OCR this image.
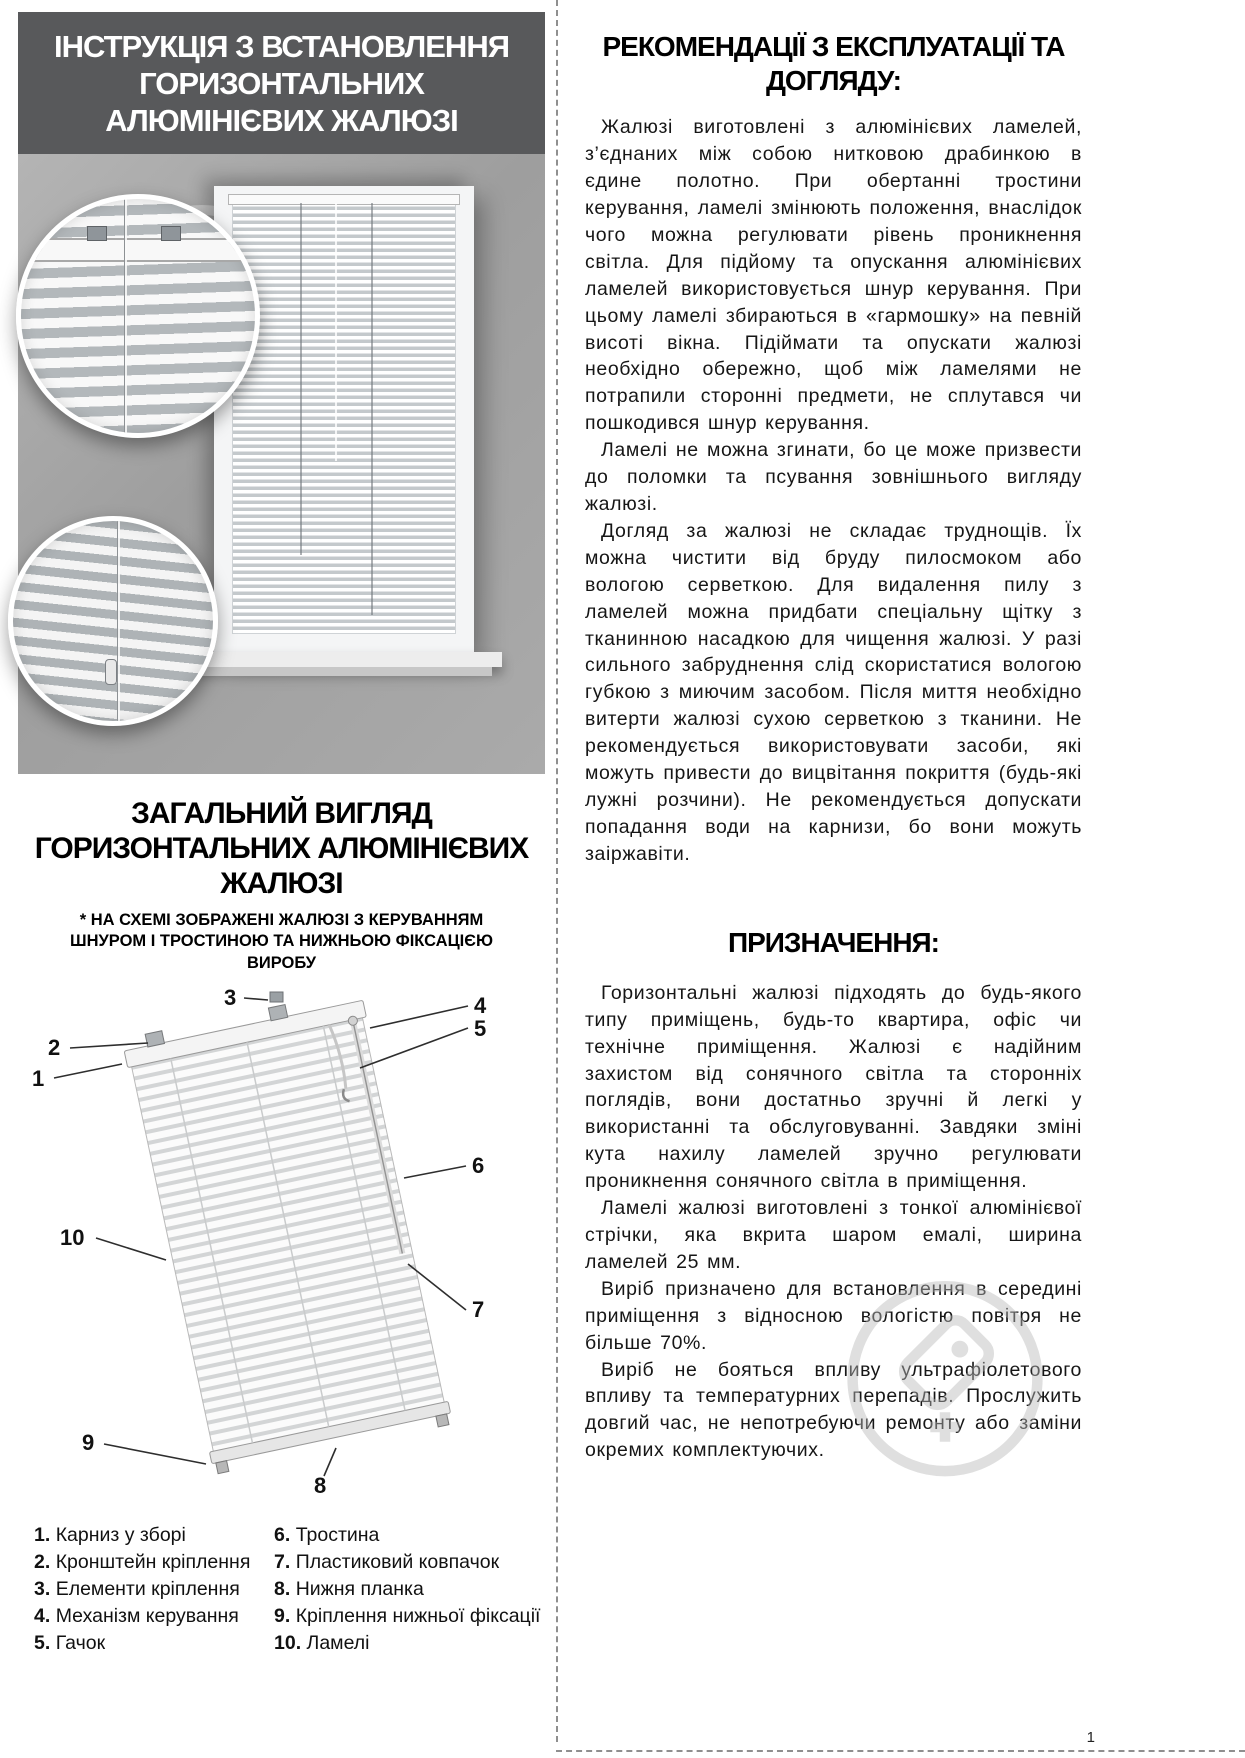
1
ІНСТРУКЦІЯ З ВСТАНОВЛЕННЯ ГОРИЗОНТАЛЬНИХ АЛЮМІНІЄВИХ ЖАЛЮЗІ
ЗАГАЛЬНИЙ ВИГЛЯД ГОРИЗОНТАЛЬНИХ АЛЮМІНІЄВИХ ЖАЛЮЗІ

* НА СХЕМІ ЗОБРАЖЕНІ ЖАЛЮЗІ З КЕРУВАННЯМ ШНУРОМ І ТРОСТИНОЮ ТА НИЖНЬОЮ ФІКСАЦІЄЮ ВИРОБУ

1
2
3	4
5
6
7
8
9
10
1. Карниз у зборі
2. Кронштейн кріплення
3. Елементи кріплення
4. Механізм керування
5. Гачок
6. Тростина
7. Пластиковий ковпачок
8. Нижня планка
9. Кріплення нижньої фіксації
10. Ламелі
РЕКОМЕНДАЦІЇ З ЕКСПЛУАТАЦІЇ ТА ДОГЛЯДУ:

Жалюзі виготовлені з алюмінієвих ламелей, з’єднаних між собою нитковою драбинкою в єдине полотно. При обертанні тростини керування, ламелі змінюють положення, внаслідок чого можна регулювати рівень проникнення світла. Для підйому та опускання алюмінієвих ламелей використовується шнур керування. При цьому ламелі збираються в «гармошку» на певній висоті вікна. Підіймати та опускати жалюзі необхідно обережно, щоб між ламелями не потрапили сторонні предмети, не сплутався чи пошкодився шнур керування.

Ламелі не можна згинати, бо це може призвести до поломки та псування зовнішнього вигляду жалюзі.

Догляд за жалюзі не складає труднощів. Їх можна чистити від бруду пилосмоком або вологою серветкою. Для видалення пилу з ламелей можна придбати спеціальну щітку з тканинною насадкою для чищення жалюзі. У разі сильного забруднення слід скористатися вологою губкою з миючим засобом. Після миття необхідно витерти жалюзі сухою серветкою з тканини. Не рекомендується використовувати засоби, які можуть привести до вицвітання покриття (будь-які лужні розчини). Не рекомендується допускати попадання води на карнизи, бо вони можуть заіржавіти.

ПРИЗНАЧЕННЯ:

Горизонтальні жалюзі підходять до будь-якого типу приміщень, будь-то квартира, офіс чи технічне приміщення. Жалюзі є надійним захистом від сонячного світла та сторонніх поглядів, вони достатньо зручні й легкі у використанні та обслуговуванні. Завдяки зміні кута нахилу ламелей зручно регулювати проникнення сонячного світла в приміщення.

Ламелі жалюзі виготовлені з тонкої алюмінієвої стрічки, яка вкрита шаром емалі, ширина ламелей 25 мм.

Виріб призначено для встановлення в середині приміщення з відносною вологістю повітря не більше 70%.

Виріб не бояться впливу ультрафіолетового впливу та температурних перепадів. Прослужить довгий час, не непотребуючи ремонту або заміни окремих комплектуючих.
